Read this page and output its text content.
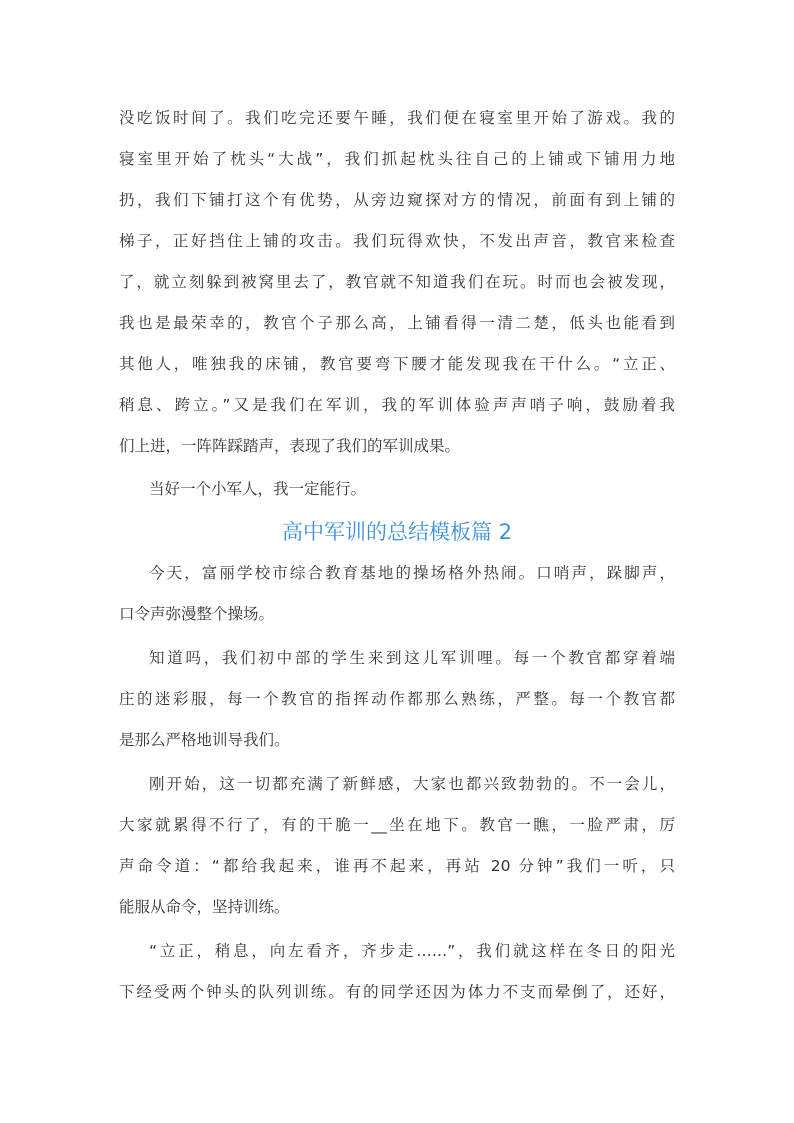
没吃饭时间了。我们吃完还要午睡，我们便在寝室里开始了游戏。我的
寝室里开始了枕头“大战”，我们抓起枕头往自己的上铺或下铺用力地
扔，我们下铺打这个有优势，从旁边窥探对方的情况，前面有到上铺的
梯子，正好挡住上铺的攻击。我们玩得欢快，不发出声音，教官来检查
了，就立刻躲到被窝里去了，教官就不知道我们在玩。时而也会被发现，
我也是最荣幸的，教官个子那么高，上铺看得一清二楚，低头也能看到
其他人，唯独我的床铺，教官要弯下腰才能发现我在干什么。“立正、
稍息、跨立。”又是我们在军训，我的军训体验声声哨子响，鼓励着我
们上进，一阵阵踩踏声，表现了我们的军训成果。
当好一个小军人，我一定能行。
高中军训的总结模板篇 2
今天，富丽学校市综合教育基地的操场格外热闹。口哨声，跺脚声，
口令声弥漫整个操场。
知道吗，我们初中部的学生来到这儿军训哩。每一个教官都穿着端
庄的迷彩服，每一个教官的指挥动作都那么熟练，严整。每一个教官都
是那么严格地训导我们。
刚开始，这一切都充满了新鲜感，大家也都兴致勃勃的。不一会儿，
大家就累得不行了，有的干脆一__坐在地下。教官一瞧，一脸严肃，厉
声命令道：“都给我起来，谁再不起来，再站 20 分钟”我们一听，只
能服从命令，坚持训练。
“立正，稍息，向左看齐，齐步走……”，我们就这样在冬日的阳光
下经受两个钟头的队列训练。有的同学还因为体力不支而晕倒了，还好，
